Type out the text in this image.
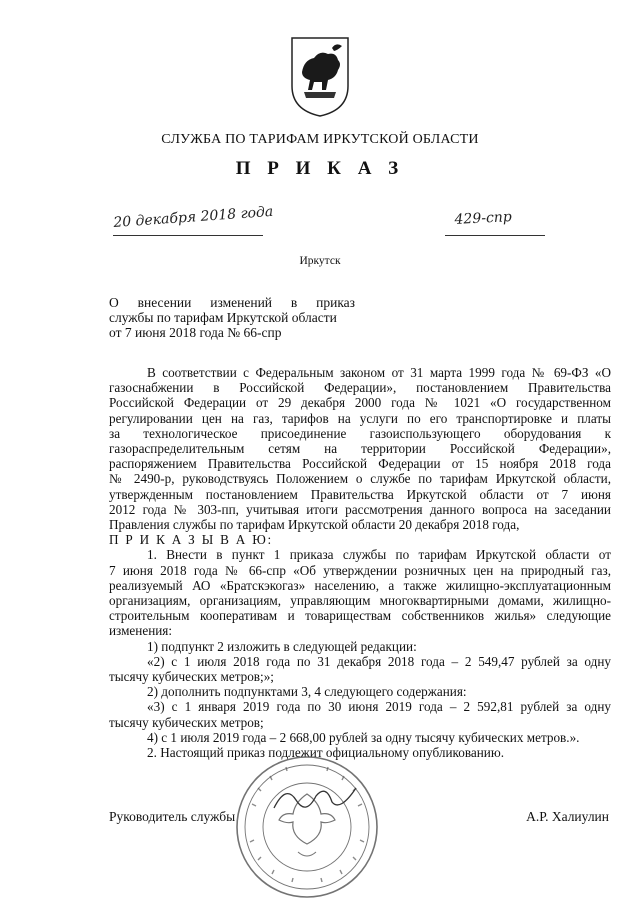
СЛУЖБА ПО ТАРИФАМ ИРКУТСКОЙ ОБЛАСТИ
П Р И К А З
20 декабря 2018 года	429-спр
Иркутск
О внесении изменений в приказ
службы по тарифам Иркутской области
от 7 июня 2018 года № 66-спр
В соответствии с Федеральным законом от 31 марта 1999 года № 69-ФЗ «О
газоснабжении в Российской Федерации», постановлением Правительства
Российской Федерации от 29 декабря 2000 года № 1021 «О государственном
регулировании цен на газ, тарифов на услуги по его транспортировке и платы
за технологическое присоединение газоиспользующего оборудования к
газораспределительным сетям на территории Российской Федерации»,
распоряжением Правительства Российской Федерации от 15 ноября 2018 года
№ 2490-р, руководствуясь Положением о службе по тарифам Иркутской области,
утвержденным постановлением Правительства Иркутской области от 7 июня
2012 года № 303-пп, учитывая итоги рассмотрения данного вопроса на заседании
Правления службы по тарифам Иркутской области 20 декабря 2018 года,
П Р И К А З Ы В А Ю:
1. Внести в пункт 1 приказа службы по тарифам Иркутской области от
7 июня 2018 года № 66-спр «Об утверждении розничных цен на природный газ,
реализуемый АО «Братскэкогаз» населению, а также жилищно-эксплуатационным
организациям, организациям, управляющим многоквартирными домами, жилищно-
строительным кооперативам и товариществам собственников жилья» следующие
изменения:
1) подпункт 2 изложить в следующей редакции:
«2) с 1 июля 2018 года по 31 декабря 2018 года – 2 549,47 рублей за одну
тысячу кубических метров;»;
2) дополнить подпунктами 3, 4 следующего содержания:
«3) с 1 января 2019 года по 30 июня 2019 года – 2 592,81 рублей за одну
тысячу кубических метров;
4) с 1 июля 2019 года – 2 668,00 рублей за одну тысячу кубических метров.».
2. Настоящий приказ подлежит официальному опубликованию.
Руководитель службы	А.Р. Халиулин
